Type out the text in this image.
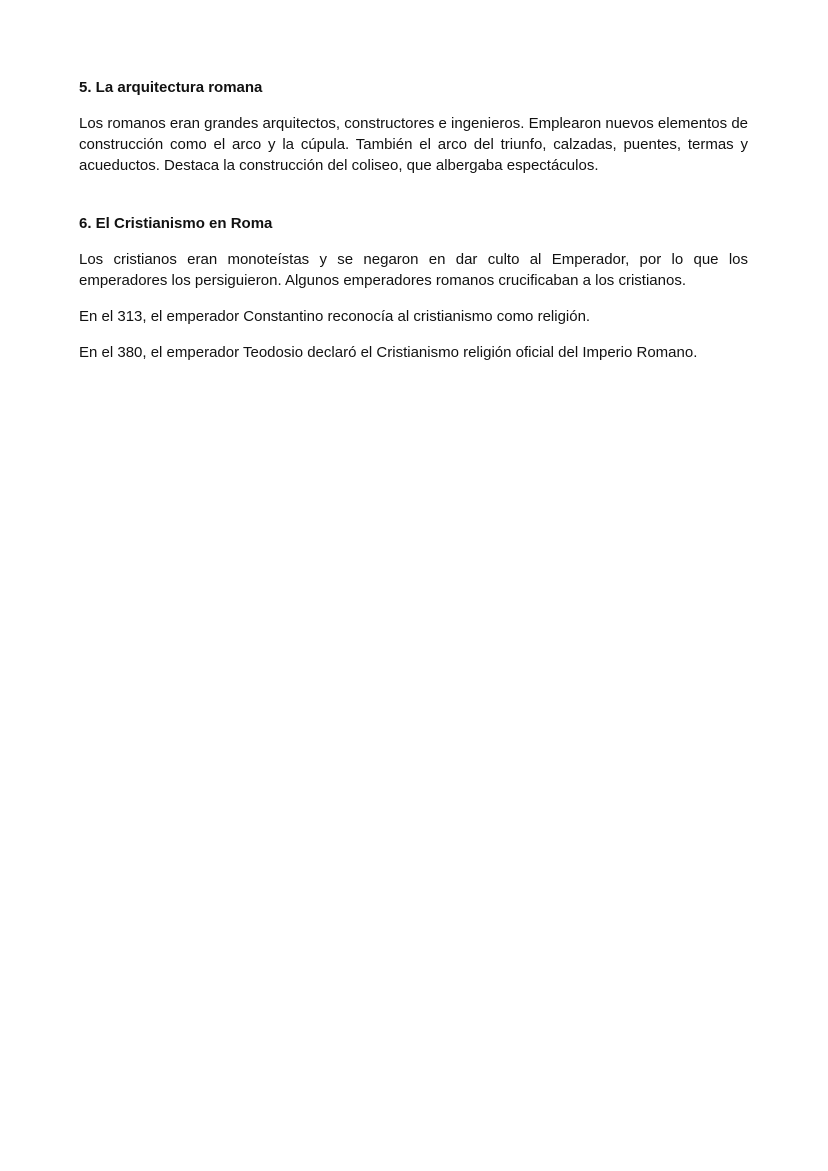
5. La arquitectura romana

Los romanos eran grandes arquitectos, constructores e ingenieros. Emplearon nuevos elementos de construcción como el arco y la cúpula. También el arco del triunfo, calzadas, puentes, termas y acueductos. Destaca la construcción del coliseo, que albergaba espectáculos.

6. El Cristianismo en Roma

Los cristianos eran monoteístas y se negaron en dar culto al Emperador, por lo que los emperadores los persiguieron. Algunos emperadores romanos crucificaban a los cristianos.

En el 313, el emperador Constantino reconocía al cristianismo como religión.

En el 380, el emperador Teodosio declaró el Cristianismo religión oficial del Imperio Romano.
